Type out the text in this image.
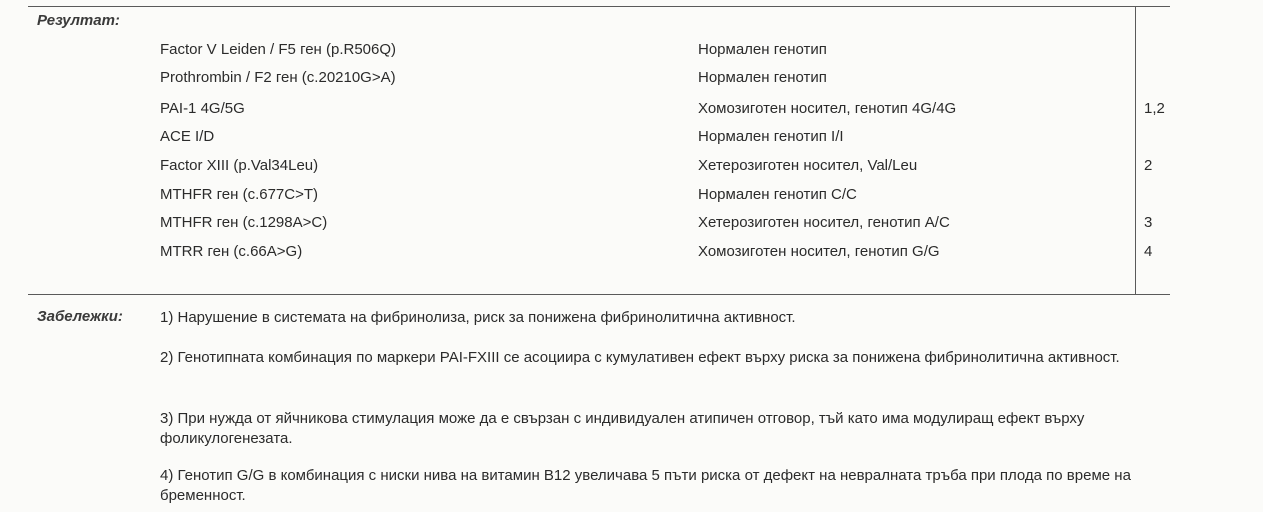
Резултат:
Factor V Leiden / F5 ген (p.R506Q)	Нормален генотип
Prothrombin / F2 ген (c.20210G>A)	Нормален генотип
PAI-1 4G/5G	Хомозиготен носител, генотип 4G/4G	1,2
ACE I/D	Нормален генотип I/I
Factor XIII (p.Val34Leu)	Хетерозиготен носител, Val/Leu	2
MTHFR ген (c.677C>T)	Нормален генотип C/C
MTHFR ген (c.1298A>C)	Хетерозиготен носител, генотип A/C	3
MTRR ген (c.66A>G)	Хомозиготен носител, генотип G/G	4
Забележки: 1) Нарушение в системата на фибринолиза, риск за понижена фибринолитична активност.
2) Генотипната комбинация по маркери PAI-FXIII се асоциира с кумулативен ефект върху риска за понижена фибринолитична активност.
3) При нужда от яйчникова стимулация може да е свързан с индивидуален атипичен отговор, тъй като има модулиращ ефект върху фоликулогенезата.
4) Генотип G/G в комбинация с ниски нива на витамин B12 увеличава 5 пъти риска от дефект на невралната тръба при плода по време на бременност.
